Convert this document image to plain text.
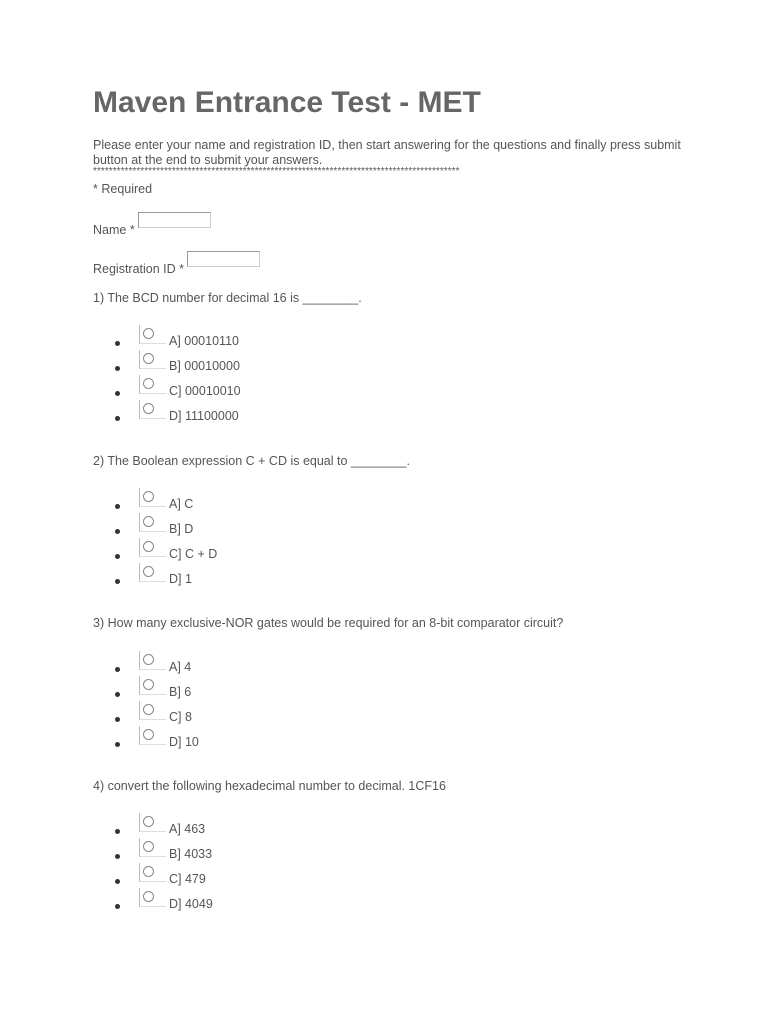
Maven Entrance Test - MET
Please enter your name and registration ID, then start answering for the questions and finally press submit button at the end to submit your answers.
*********************************************************************************************
* Required
Name *
Registration ID *
1) The BCD number for decimal 16 is ________.
A] 00010110
B] 00010000
C] 00010010
D] 11100000
2) The Boolean expression C + CD is equal to ________.
A] C
B] D
C] C + D
D] 1
3) How many exclusive-NOR gates would be required for an 8-bit comparator circuit?
A] 4
B] 6
C] 8
D] 10
4) convert the following hexadecimal number to decimal. 1CF16
A] 463
B] 4033
C] 479
D] 4049
